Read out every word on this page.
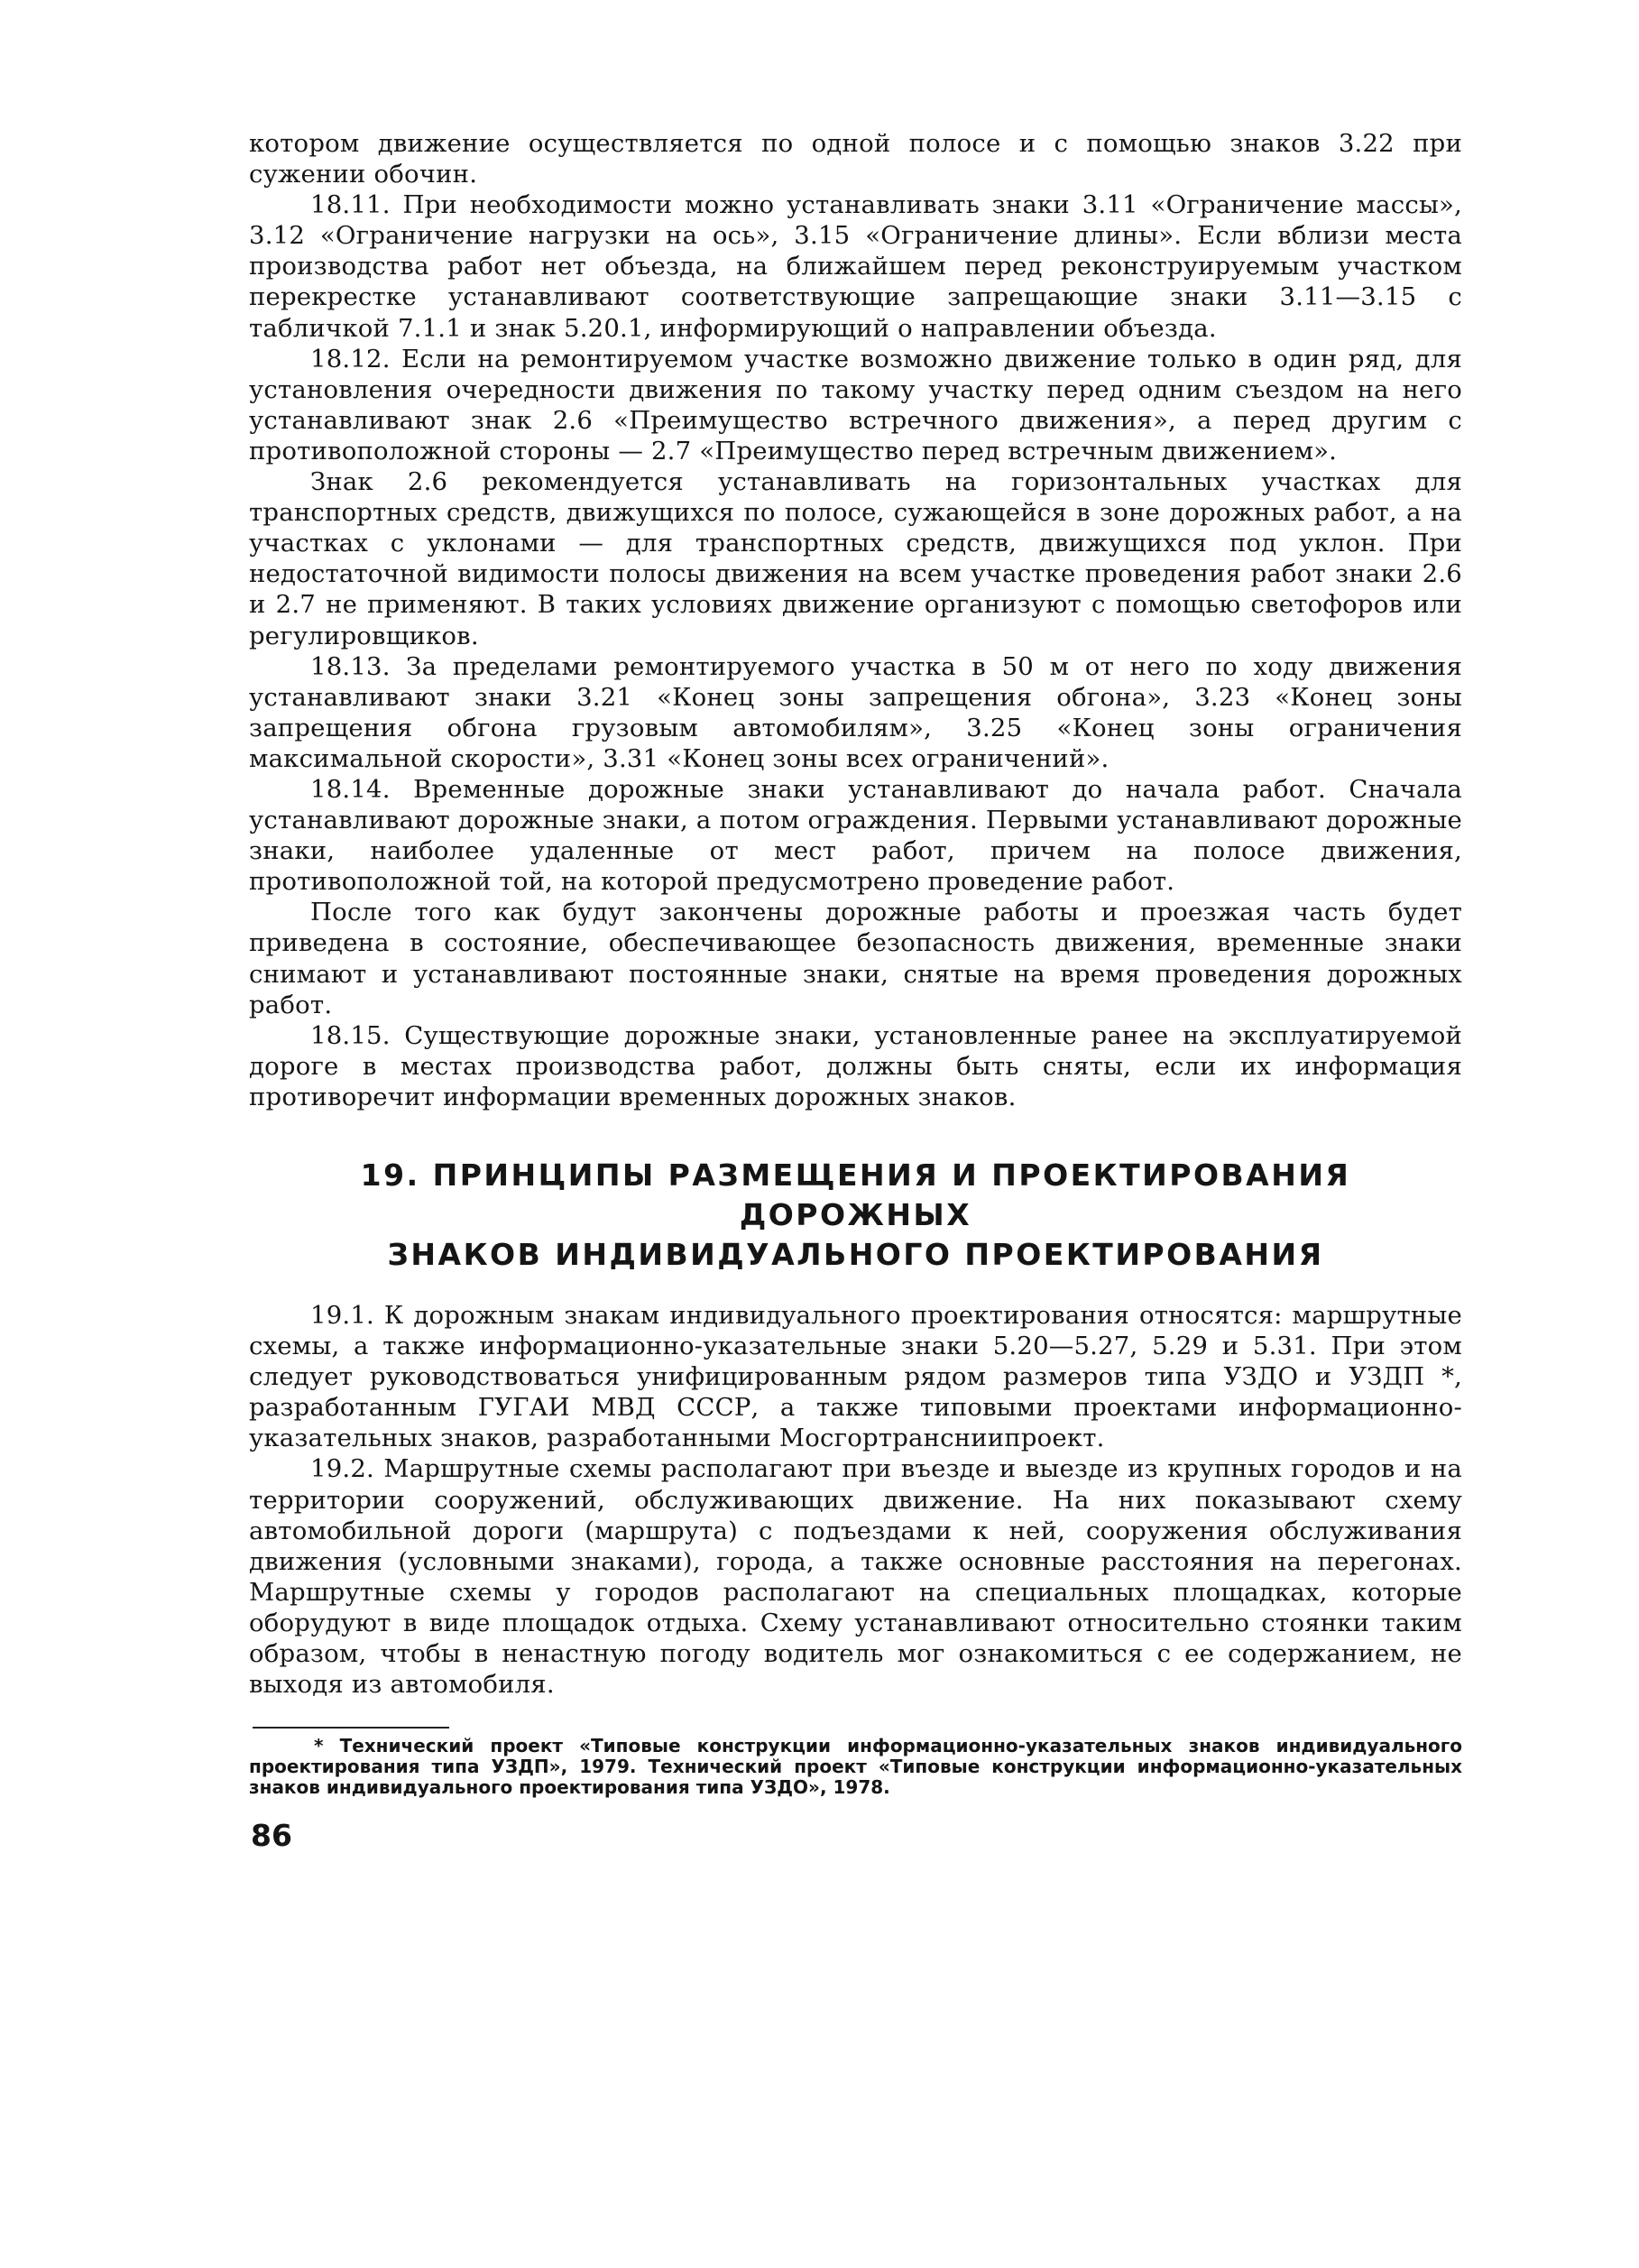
котором движение осуществляется по одной полосе и с помощью знаков 3.22 при сужении обочин.

18.11. При необходимости можно устанавливать знаки 3.11 «Ограничение массы», 3.12 «Ограничение нагрузки на ось», 3.15 «Ограничение длины». Если вблизи места производства работ нет объезда, на ближайшем перед реконструируемым участком перекрестке устанавливают соответствующие запрещающие знаки 3.11—3.15 с табличкой 7.1.1 и знак 5.20.1, информирующий о направлении объезда.

18.12. Если на ремонтируемом участке возможно движение только в один ряд, для установления очередности движения по такому участку перед одним съездом на него устанавливают знак 2.6 «Преимущество встречного движения», а перед другим с противоположной стороны — 2.7 «Преимущество перед встречным движением».

Знак 2.6 рекомендуется устанавливать на горизонтальных участках для транспортных средств, движущихся по полосе, сужающейся в зоне дорожных работ, а на участках с уклонами — для транспортных средств, движущихся под уклон. При недостаточной видимости полосы движения на всем участке проведения работ знаки 2.6 и 2.7 не применяют. В таких условиях движение организуют с помощью светофоров или регулировщиков.

18.13. За пределами ремонтируемого участка в 50 м от него по ходу движения устанавливают знаки 3.21 «Конец зоны запрещения обгона», 3.23 «Конец зоны запрещения обгона грузовым автомобилям», 3.25 «Конец зоны ограничения максимальной скорости», 3.31 «Конец зоны всех ограничений».

18.14. Временные дорожные знаки устанавливают до начала работ. Сначала устанавливают дорожные знаки, а потом ограждения. Первыми устанавливают дорожные знаки, наиболее удаленные от мест работ, причем на полосе движения, противоположной той, на которой предусмотрено проведение работ.

После того как будут закончены дорожные работы и проезжая часть будет приведена в состояние, обеспечивающее безопасность движения, временные знаки снимают и устанавливают постоянные знаки, снятые на время проведения дорожных работ.

18.15. Существующие дорожные знаки, установленные ранее на эксплуатируемой дороге в местах производства работ, должны быть сняты, если их информация противоречит информации временных дорожных знаков.

19. ПРИНЦИПЫ РАЗМЕЩЕНИЯ И ПРОЕКТИРОВАНИЯ ДОРОЖНЫХ

ЗНАКОВ ИНДИВИДУАЛЬНОГО ПРОЕКТИРОВАНИЯ

19.1. К дорожным знакам индивидуального проектирования относятся: маршрутные схемы, а также информационно-указательные знаки 5.20—5.27, 5.29 и 5.31. При этом следует руководствоваться унифицированным рядом размеров типа УЗДО и УЗДП *, разработанным ГУГАИ МВД СССР, а также типовыми проектами информационно-указательных знаков, разработанными Мосгортрансниипроект.

19.2. Маршрутные схемы располагают при въезде и выезде из крупных городов и на территории сооружений, обслуживающих движение. На них показывают схему автомобильной дороги (маршрута) с подъездами к ней, сооружения обслуживания движения (условными знаками), города, а также основные расстояния на перегонах. Маршрутные схемы у городов располагают на специальных площадках, которые оборудуют в виде площадок отдыха. Схему устанавливают относительно стоянки таким образом, чтобы в ненастную погоду водитель мог ознакомиться с ее содержанием, не выходя из автомобиля.

* Технический проект «Типовые конструкции информационно-указательных знаков индивидуального проектирования типа УЗДП», 1979. Технический проект «Типовые конструкции информационно-указательных знаков индивидуального проектирования типа УЗДО», 1978.

86
